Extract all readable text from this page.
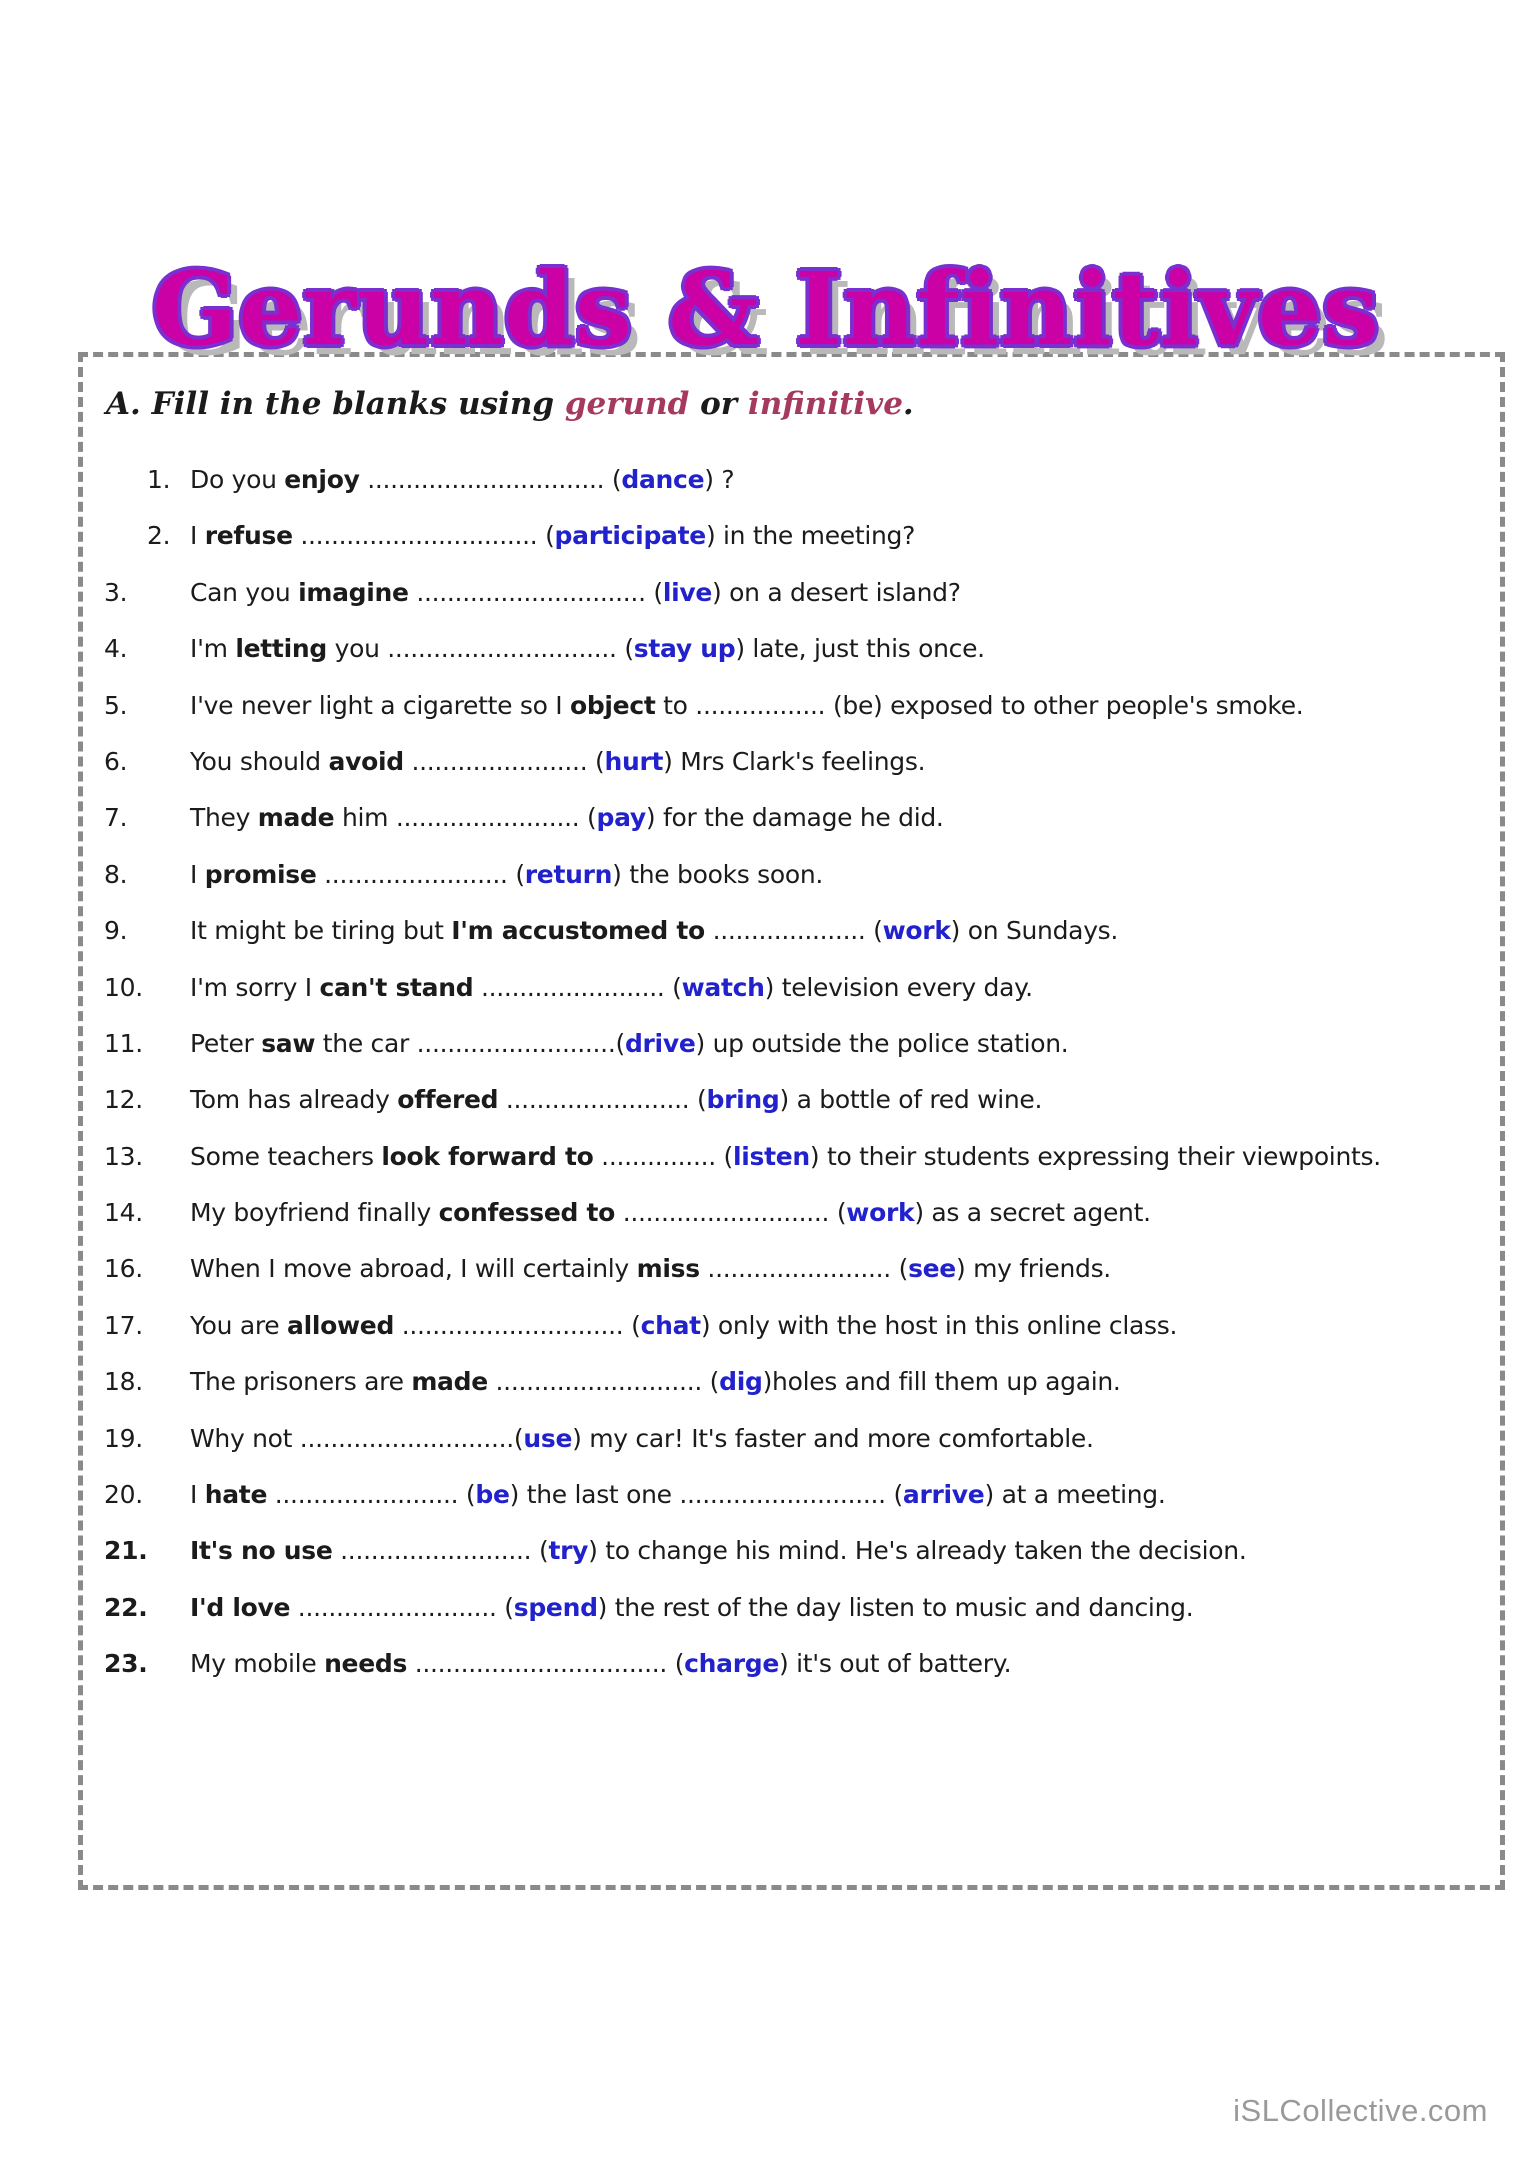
Gerunds & Infinitives
A. Fill in the blanks using gerund or infinitive.
1. Do you enjoy ............................... (dance) ?
2. I refuse ............................... (participate) in the meeting?
3.	Can you imagine .............................. (live) on a desert island?
4.	I'm letting you .............................. (stay up) late, just this once.
5.	I've never light a cigarette so I object to ................. (be) exposed to other people's smoke.
6.	You should avoid ....................... (hurt) Mrs Clark's feelings.
7.	They made him ........................ (pay) for the damage he did.
8.	I promise ........................ (return) the books soon.
9.	It might be tiring but I'm accustomed to .................... (work) on Sundays.
10. I'm sorry I can't stand ........................ (watch) television every day.
11. Peter saw the car ..........................(drive) up outside the police station.
12. Tom has already offered ........................ (bring) a bottle of red wine.
13. Some teachers look forward to ............... (listen) to their students expressing their viewpoints.
14. My boyfriend finally confessed to ........................... (work) as a secret agent.
16. When I move abroad, I will certainly miss ........................ (see) my friends.
17. You are allowed ............................. (chat) only with the host in this online class.
18. The prisoners are made ........................... (dig)holes and fill them up again.
19. Why not ............................(use) my car! It's faster and more comfortable.
20. I hate ........................ (be) the last one ........................... (arrive) at a meeting.
21. It's no use ......................... (try) to change his mind. He's already taken the decision.
22. I'd love .......................... (spend) the rest of the day listen to music and dancing.
23. My mobile needs ................................. (charge) it's out of battery.
iSLCollective.com
